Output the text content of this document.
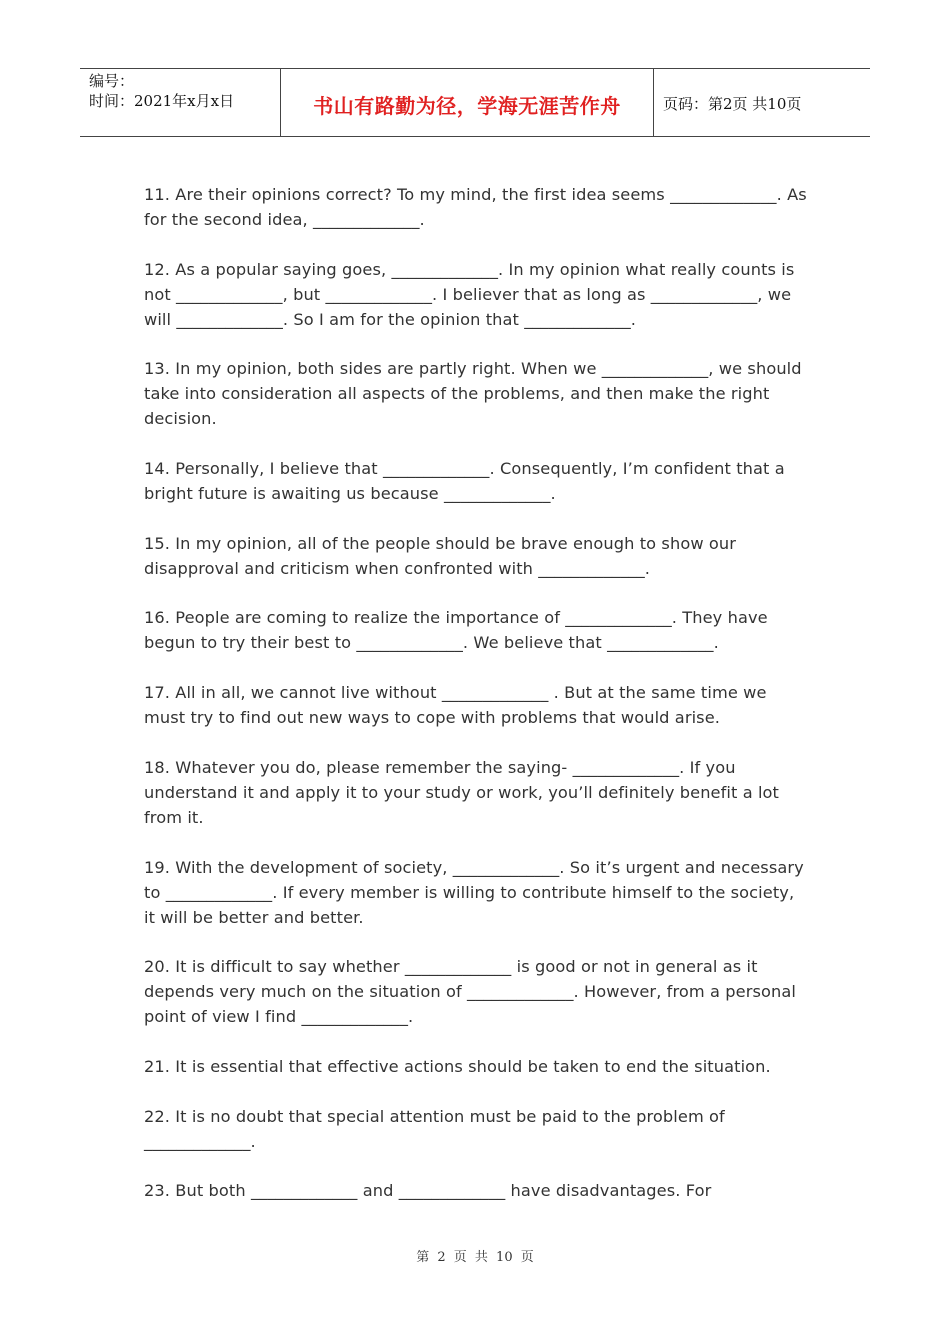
编号：
时间：2021年x月x日	书山有路勤为径，学海无涯苦作舟	页码：第2页 共10页

11. Are their opinions correct? To my mind, the first idea seems _____________. As for the second idea, _____________.

12. As a popular saying goes, _____________. In my opinion what really counts is not _____________, but _____________. I believer that as long as _____________, we will _____________. So I am for the opinion that _____________.

13. In my opinion, both sides are partly right. When we _____________, we should take into consideration all aspects of the problems, and then make the right decision.

14. Personally, I believe that _____________. Consequently, I’m confident that a bright future is awaiting us because _____________.

15. In my opinion, all of the people should be brave enough to show our disapproval and criticism when confronted with _____________.

16. People are coming to realize the importance of _____________. They have begun to try their best to _____________. We believe that _____________.

17. All in all, we cannot live without _____________ . But at the same time we must try to find out new ways to cope with problems that would arise.

18. Whatever you do, please remember the saying- _____________. If you understand it and apply it to your study or work, you’ll definitely benefit a lot from it.

19. With the development of society, _____________. So it’s urgent and necessary to _____________. If every member is willing to contribute himself to the society, it will be better and better.

20. It is difficult to say whether _____________ is good or not in general as it depends very much on the situation of _____________. However, from a personal point of view I find _____________.

21. It is essential that effective actions should be taken to end the situation.

22. It is no doubt that special attention must be paid to the problem of _____________.

23. But both _____________ and _____________ have disadvantages. For

第 2 页 共 10 页
